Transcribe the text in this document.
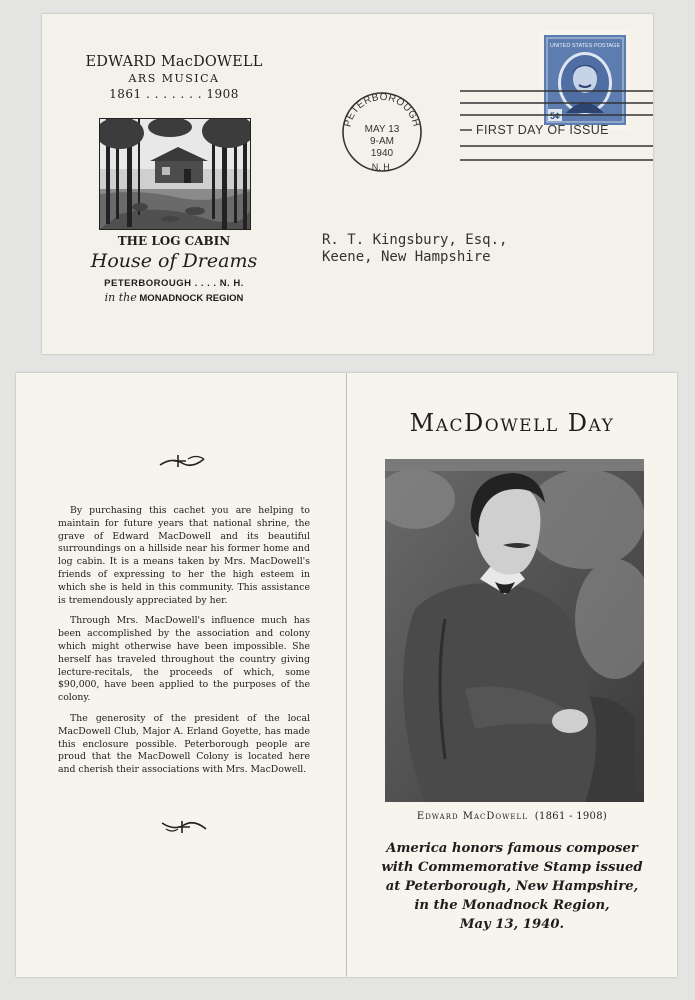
EDWARD MacDOWELL
ARS MUSICA
1861 . . . . . . . 1908
THE LOG CABIN
House of Dreams
PETERBOROUGH . . . . N. H.
in the MONADNOCK REGION
PETERBOROUGH
MAY 13
9-AM
1940
N. H.
UNITED STATES POSTAGE
5¢
FIRST DAY OF ISSUE
R. T. Kingsbury, Esq.,
Keene, New Hampshire

By purchasing this cachet you are helping to maintain for future years that national shrine, the grave of Edward MacDowell and its beautiful surroundings on a hillside near his former home and log cabin. It is a means taken by Mrs. MacDowell's friends of expressing to her the high esteem in which she is held in this community. This assistance is tremendously appreciated by her.

Through Mrs. MacDowell's influence much has been accomplished by the association and colony which might otherwise have been impossible. She herself has traveled throughout the country giving lecture-recitals, the proceeds of which, some $90,000, have been applied to the purposes of the colony.

The generosity of the president of the local MacDowell Club, Major A. Erland Goyette, has made this enclosure possible. Peterborough people are proud that the MacDowell Colony is located here and cherish their associations with Mrs. MacDowell.

MacDowell Day
Edward MacDowell (1861 - 1908)
America honors famous composer
with Commemorative Stamp issued
at Peterborough, New Hampshire,
in the Monadnock Region,
May 13, 1940.
